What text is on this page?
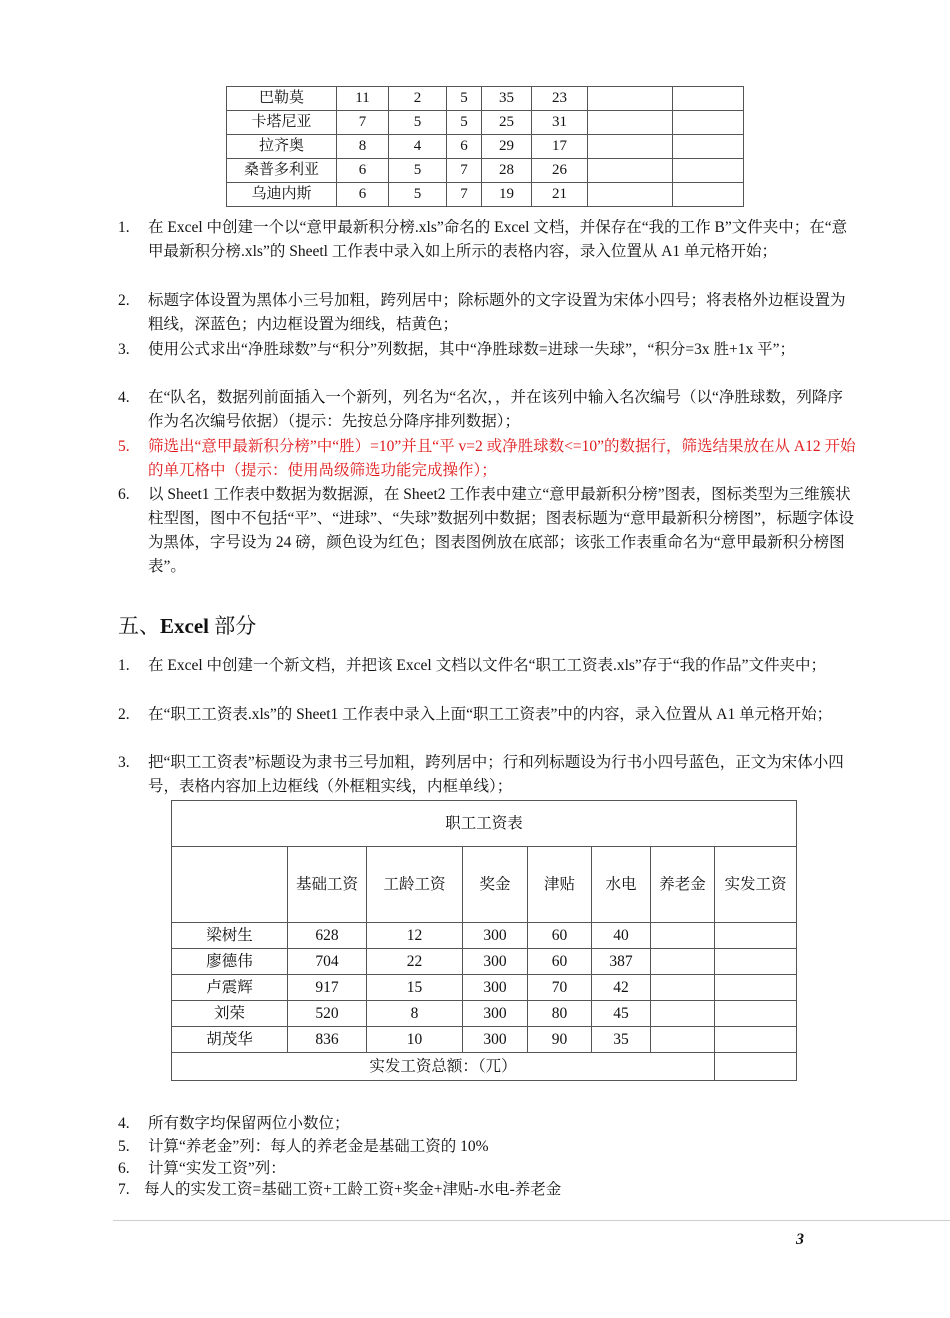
巴勒莫	11	2	5	35	23		
卡塔尼亚	7	5	5	25	31		
拉齐奥	8	4	6	29	17		
桑普多利亚	6	5	7	28	26		
乌迪内斯	6	5	7	19	21		
1. 在 Excel 中创建一个以“意甲最新积分榜.xls”命名的 Excel 文档，并保存在“我的工作 B”文件夹中；在“意甲最新积分榜.xls”的 Sheetl 工作表中录入如上所示的表格内容，录入位置从 A1 单元格开始；
2. 标题字体设置为黑体小三号加粗，跨列居中；除标题外的文字设置为宋体小四号；将表格外边框设置为粗线，深蓝色；内边框设置为细线，桔黄色；
3. 使用公式求出“净胜球数”与“积分”列数据，其中“净胜球数=进球一失球”，“积分=3x 胜+1x 平”；
4. 在“队名，数据列前面插入一个新列，列名为“名次，，并在该列中输入名次编号（以“净胜球数，列降序作为名次编号依据）（提示：先按总分降序排列数据）；
5. 筛选出“意甲最新积分榜”中“胜）=10”并且“平 v=2 或净胜球数<=10”的数据行，筛选结果放在从 A12 开始的单兀格中（提示：使用咼级筛选功能完成操作）；
6. 以 Sheet1 工作表中数据为数据源，在 Sheet2 工作表中建立“意甲最新积分榜”图表，图标类型为三维簇状柱型图，图中不包括“平”、“进球”、“失球”数据列中数据；图表标题为“意甲最新积分榜图”，标题字体设为黑体，字号设为 24 磅，颜色设为红色；图表图例放在底部；该张工作表重命名为“意甲最新积分榜图表”。
五、Excel 部分
1. 在 Excel 中创建一个新文档，并把该 Excel 文档以文件名“职工工资表.xls”存于“我的作品”文件夹中；
2. 在“职工工资表.xls”的 Sheet1 工作表中录入上面“职工工资表”中的内容，录入位置从 A1 单元格开始；
3. 把“职工工资表”标题设为隶书三号加粗，跨列居中；行和列标题设为行书小四号蓝色，正文为宋体小四号，表格内容加上边框线（外框粗实线，内框单线）；
职工工资表							
	基础工资	工龄工资	奖金	津贴	水电	养老金	实发工资
梁树生	628	12	300	60	40		
廖德伟	704	22	300	60	387		
卢震辉	917	15	300	70	42		
刘荣	520	8	300	80	45		
胡茂华	836	10	300	90	35		
实发工资总额：（兀）							
4. 所有数字均保留两位小数位；
5. 计算“养老金”列：每人的养老金是基础工资的 10%
6. 计算“实发工资”列：
7. 每人的实发工资=基础工资+工龄工资+奖金+津贴-水电-养老金
3
